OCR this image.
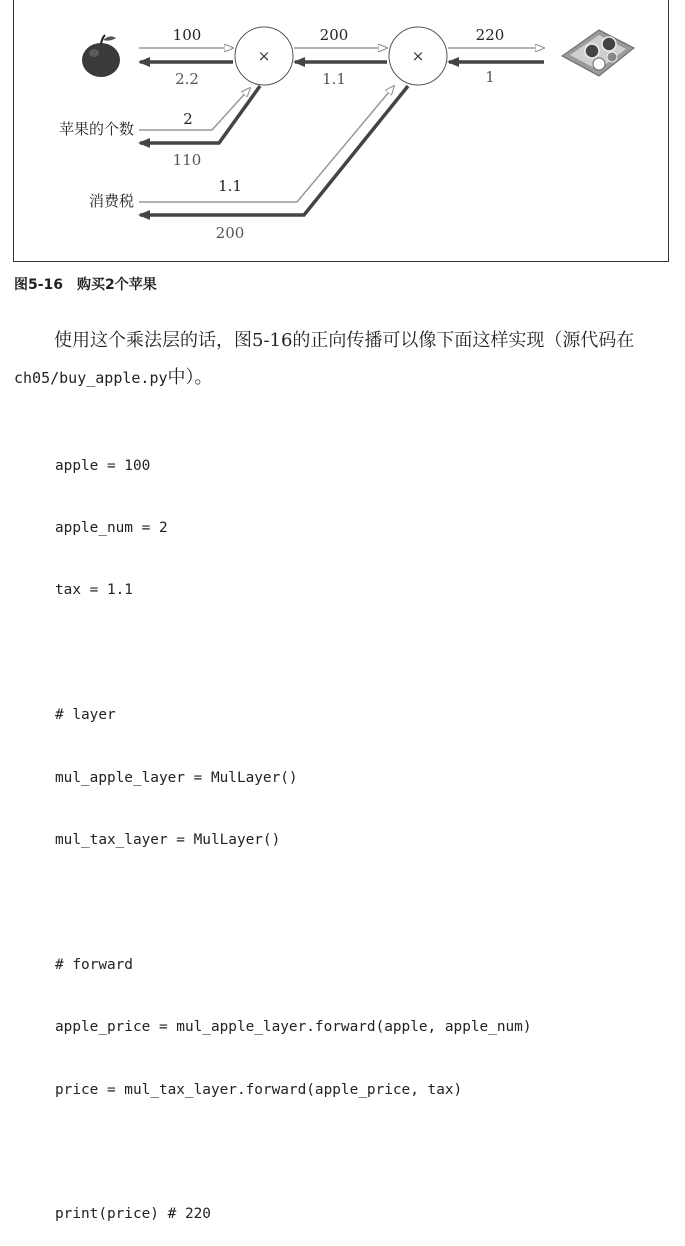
×	×
100	200	220
2
1.1
2.2	1.1	1
110
200
苹果的个数
消费税
图5-16 购买2个苹果

使用这个乘法层的话，图5-16的正向传播可以像下面这样实现（源代码在ch05/buy_apple.py中）。

apple = 100

apple_num = 2

tax = 1.1

# layer

mul_apple_layer = MulLayer()

mul_tax_layer = MulLayer()

# forward

apple_price = mul_apple_layer.forward(apple, apple_num)

price = mul_tax_layer.forward(apple_price, tax)

print(price) # 220
